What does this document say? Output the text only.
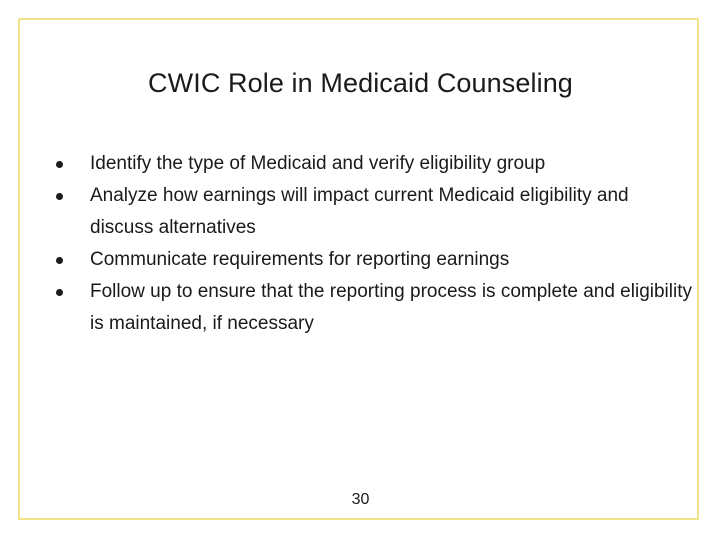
CWIC Role in Medicaid Counseling
Identify the type of Medicaid and verify eligibility group
Analyze how earnings will impact current Medicaid eligibility and discuss alternatives
Communicate requirements for reporting earnings
Follow up to ensure that the reporting process is complete and eligibility is maintained, if necessary
30
